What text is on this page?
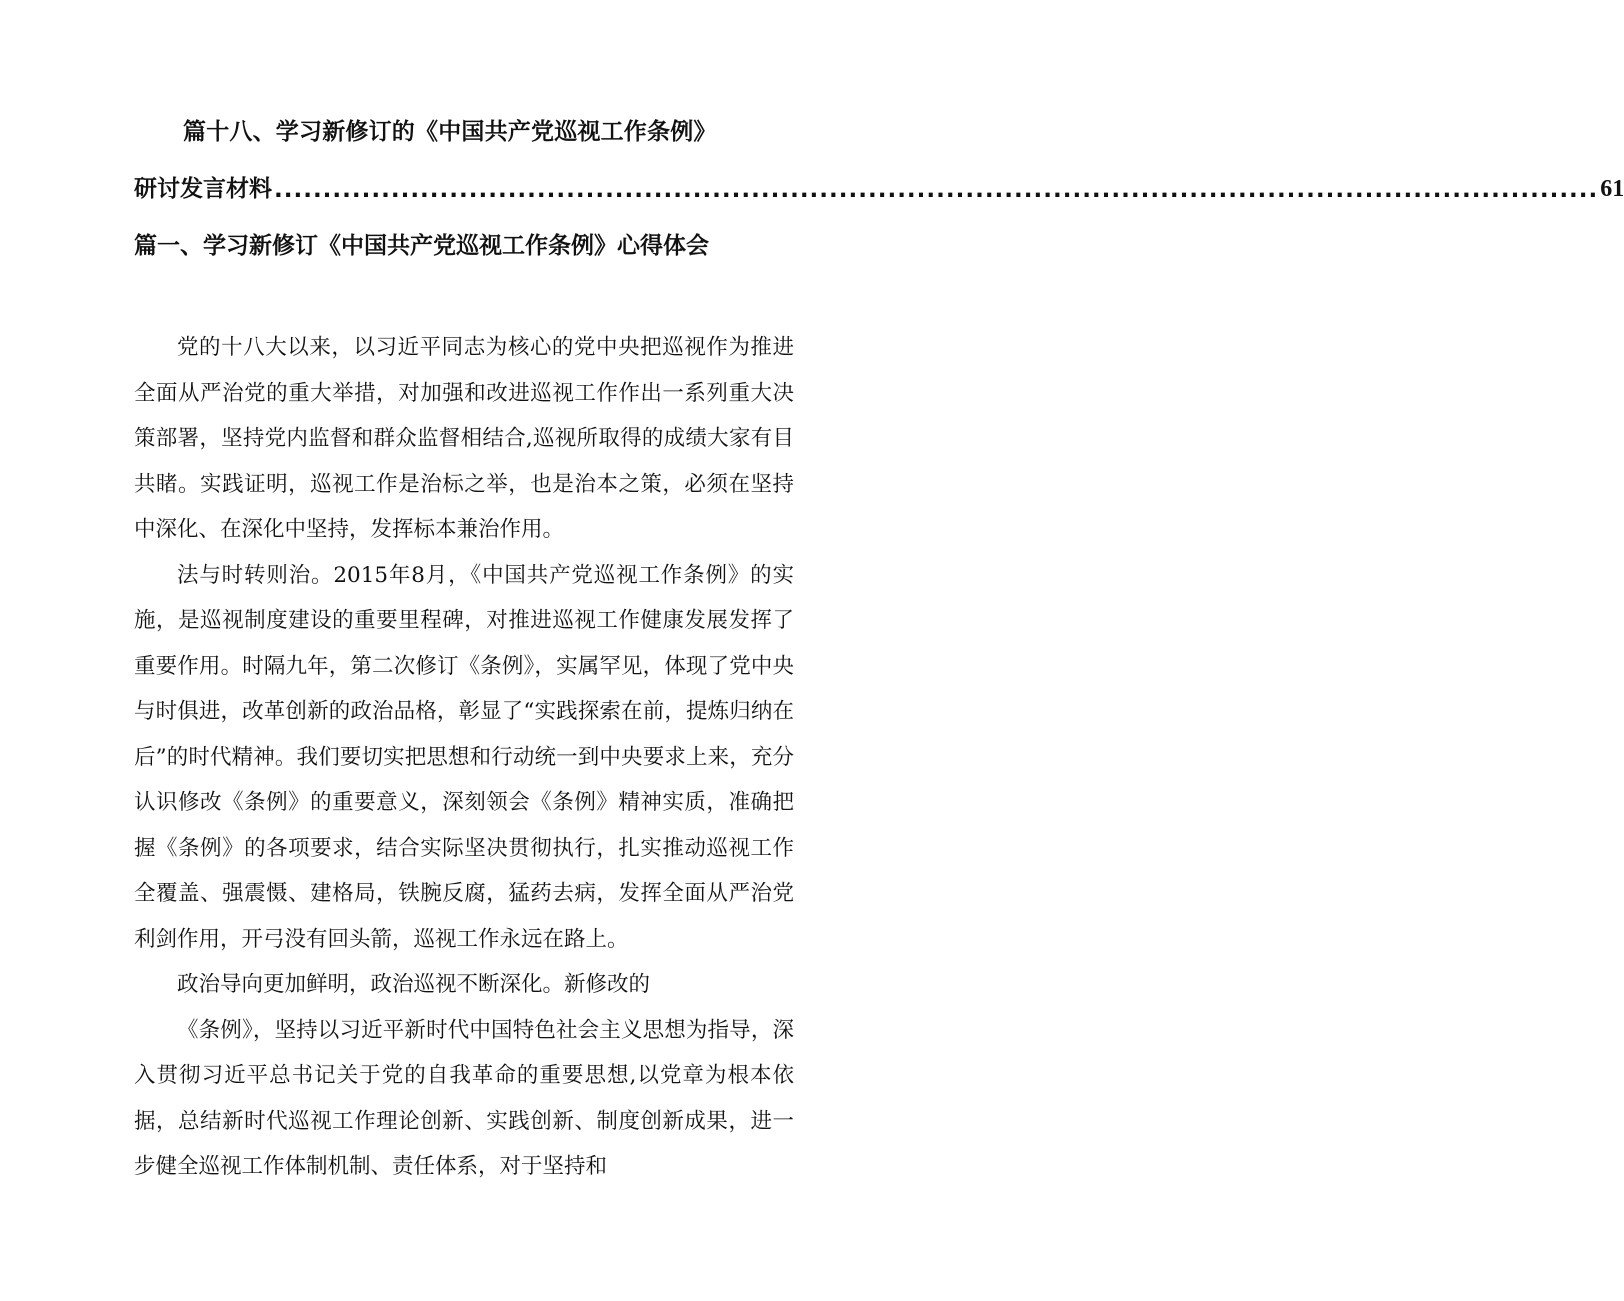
篇十八、学习新修订的《中国共产党巡视工作条例》
研讨发言材料 ........................................................................................................................................ 61
篇一、学习新修订《中国共产党巡视工作条例》心得体会

党的十八大以来，以习近平同志为核心的党中央把巡视作为推进全面从严治党的重大举措，对加强和改进巡视工作作出一系列重大决策部署，坚持党内监督和群众监督相结合,巡视所取得的成绩大家有目共睹。实践证明，巡视工作是治标之举，也是治本之策，必须在坚持中深化、在深化中坚持，发挥标本兼治作用。

法与时转则治。2015年8月，《中国共产党巡视工作条例》的实施，是巡视制度建设的重要里程碑，对推进巡视工作健康发展发挥了重要作用。时隔九年，第二次修订《条例》，实属罕见，体现了党中央与时俱进，改革创新的政治品格，彰显了“实践探索在前，提炼归纳在后”的时代精神。我们要切实把思想和行动统一到中央要求上来，充分认识修改《条例》的重要意义，深刻领会《条例》精神实质，准确把握《条例》的各项要求，结合实际坚决贯彻执行，扎实推动巡视工作全覆盖、强震慑、建格局，铁腕反腐，猛药去病，发挥全面从严治党利剑作用，开弓没有回头箭，巡视工作永远在路上。

政治导向更加鲜明，政治巡视不断深化。新修改的

《条例》，坚持以习近平新时代中国特色社会主义思想为指导，深入贯彻习近平总书记关于党的自我革命的重要思想,以党章为根本依据，总结新时代巡视工作理论创新、实践创新、制度创新成果，进一步健全巡视工作体制机制、责任体系，对于坚持和
